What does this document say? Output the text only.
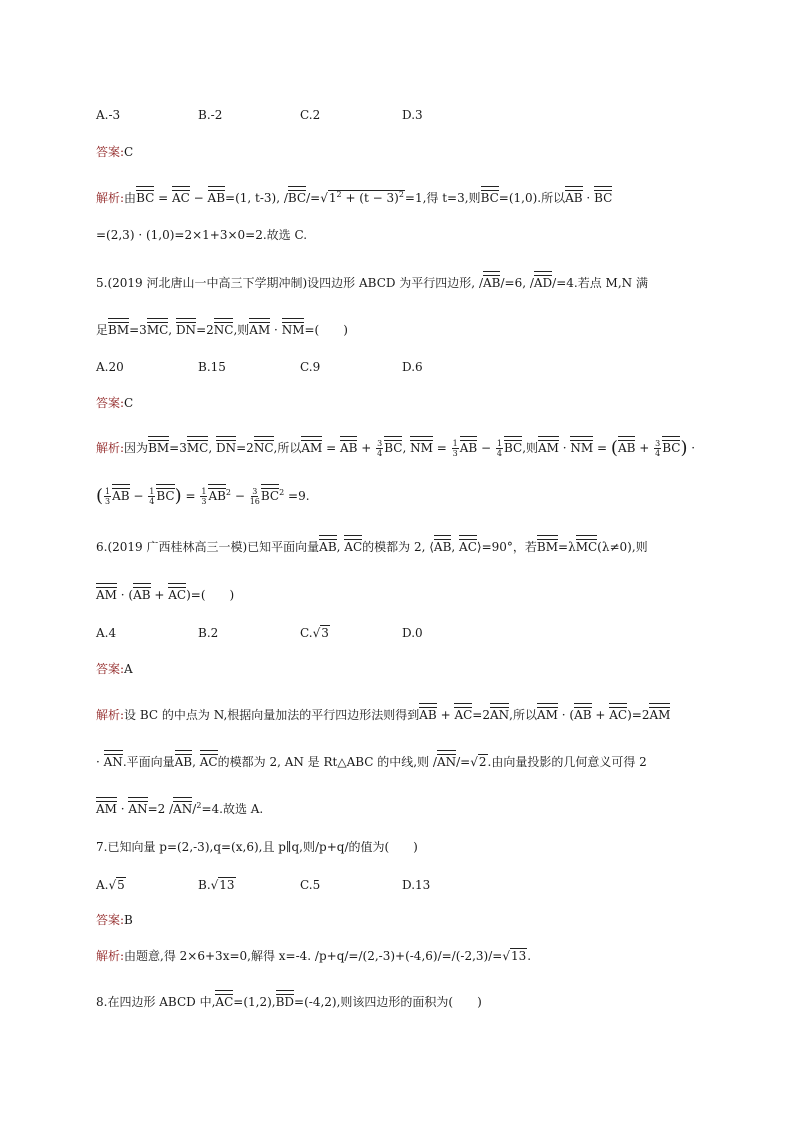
A.-3	B.-2	C.2	D.3
答案:C
解析:由BC = AC − AB=(1, t-3), $/BC/=√1^2 + (t - 3)^2=1$,得 t=3,则BC=(1,0).所以AB · BC
=(2,3) · (1,0)=2×1+3×0=2.故选 C.
5.(2019 河北唐山一中高三下学期冲制)设四边形 ABCD 为平行四边形, /AB/=6, /AD/=4.若点 M,N 满
足BM=3MC, DN=2NC,则AM · NM=(　　)
A.20	B.15	C.9	D.6
答案:C
解析:因为BM=3MC, DN=2NC,所以AM = AB + $\frac{3}{4}$ BC, NM = $\frac{1}{3}$ AB − $\frac{1}{4}$ BC,则AM · NM = $(AB + \frac{3}{4} BC)$ ·
( $\frac{1}{3}$ AB − $\frac{1}{4} BC) = \frac{1}{3} AB^2 - \frac{3}{16} BC^2 =9$.
6.(2019 广西桂林高三一模)已知平面向量AB, AC的模都为 2, ⟨AB, AC⟩=90°，若BM=λMC(λ≠0),则
AM · (AB + AC)=(　　)
A.4	B.2	C.√3	D.0
答案:A
解析:设 BC 的中点为 N,根据向量加法的平行四边形法则得到AB + AC=2AN,所以AM · (AB + AC)=2AM
· AN.平面向量AB, AC的模都为 2, AN 是 Rt△ABC 的中线,则 /AN/=√2.由向量投影的几何意义可得 2
AM · AN=2 /AN/$^2$=4.故选 A.
7.已知向量 p=(2,-3),q=(x,6),且 p∥q,则/p+q/的值为(　　)
A.√5	B.√13	C.5	D.13
答案:B
解析:由题意,得 2×6+3x=0,解得 x=-4. /p+q/=/(2,-3)+(-4,6)/=/(-2,3)/=√13.
8.在四边形 ABCD 中,AC=(1,2),BD=(-4,2),则该四边形的面积为(　　)
